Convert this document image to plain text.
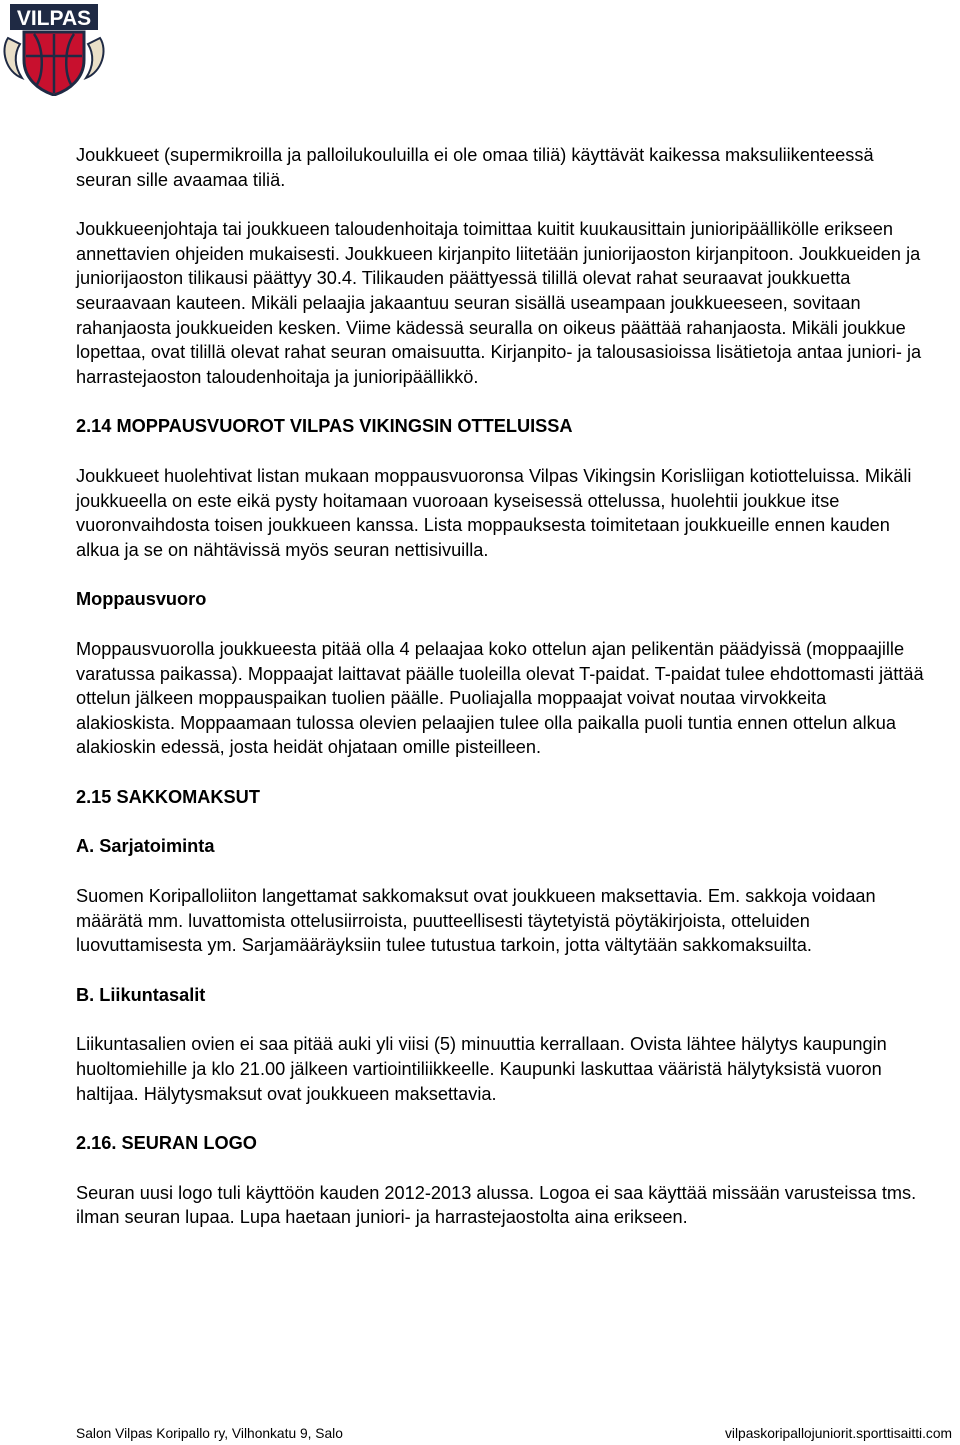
VILPAS

Joukkueet (supermikroilla ja palloilukouluilla ei ole omaa tiliä) käyttävät kaikessa maksuliikenteessä seuran sille avaamaa tiliä.

Joukkueenjohtaja tai joukkueen taloudenhoitaja toimittaa kuitit kuukausittain junioripäällikölle erikseen annettavien ohjeiden mukaisesti. Joukkueen kirjanpito liitetään juniorijaoston kirjanpitoon. Joukkueiden ja juniorijaoston tilikausi päättyy 30.4. Tilikauden päättyessä tilillä olevat rahat seuraavat joukkuetta seuraavaan kauteen. Mikäli pelaajia jakaantuu seuran sisällä useampaan joukkueeseen, sovitaan rahanjaosta joukkueiden kesken. Viime kädessä seuralla on oikeus päättää rahanjaosta. Mikäli joukkue lopettaa, ovat tilillä olevat rahat seuran omaisuutta. Kirjanpito- ja talousasioissa lisätietoja antaa juniori- ja harrastejaoston taloudenhoitaja ja junioripäällikkö.

2.14 MOPPAUSVUOROT VILPAS VIKINGSIN OTTELUISSA

Joukkueet huolehtivat listan mukaan moppausvuoronsa Vilpas Vikingsin Korisliigan kotiotteluissa. Mikäli joukkueella on este eikä pysty hoitamaan vuoroaan kyseisessä ottelussa, huolehtii joukkue itse vuoronvaihdosta toisen joukkueen kanssa. Lista moppauksesta toimitetaan joukkueille ennen kauden alkua ja se on nähtävissä myös seuran nettisivuilla.

Moppausvuoro

Moppausvuorolla joukkueesta pitää olla 4 pelaajaa koko ottelun ajan pelikentän päädyissä (moppaajille varatussa paikassa). Moppaajat laittavat päälle tuoleilla olevat T-paidat. T-paidat tulee ehdottomasti jättää ottelun jälkeen moppauspaikan tuolien päälle. Puoliajalla moppaajat voivat noutaa virvokkeita alakioskista. Moppaamaan tulossa olevien pelaajien tulee olla paikalla puoli tuntia ennen ottelun alkua alakioskin edessä, josta heidät ohjataan omille pisteilleen.

2.15 SAKKOMAKSUT
A. Sarjatoiminta

Suomen Koripalloliiton langettamat sakkomaksut ovat joukkueen maksettavia. Em. sakkoja voidaan määrätä mm. luvattomista ottelusiirroista, puutteellisesti täytetyistä pöytäkirjoista, otteluiden luovuttamisesta ym. Sarjamääräyksiin tulee tutustua tarkoin, jotta vältytään sakkomaksuilta.

B. Liikuntasalit

Liikuntasalien ovien ei saa pitää auki yli viisi (5) minuuttia kerrallaan. Ovista lähtee hälytys kaupungin huoltomiehille ja klo 21.00 jälkeen vartiointiliikkeelle. Kaupunki laskuttaa vääristä hälytyksistä vuoron haltijaa. Hälytysmaksut ovat joukkueen maksettavia.

2.16. SEURAN LOGO

Seuran uusi logo tuli käyttöön kauden 2012-2013 alussa. Logoa ei saa käyttää missään varusteissa tms. ilman seuran lupaa. Lupa haetaan juniori- ja harrastejaostolta aina erikseen.

Salon Vilpas Koripallo ry, Vilhonkatu 9, Salo	vilpaskoripallojuniorit.sporttisaitti.com
